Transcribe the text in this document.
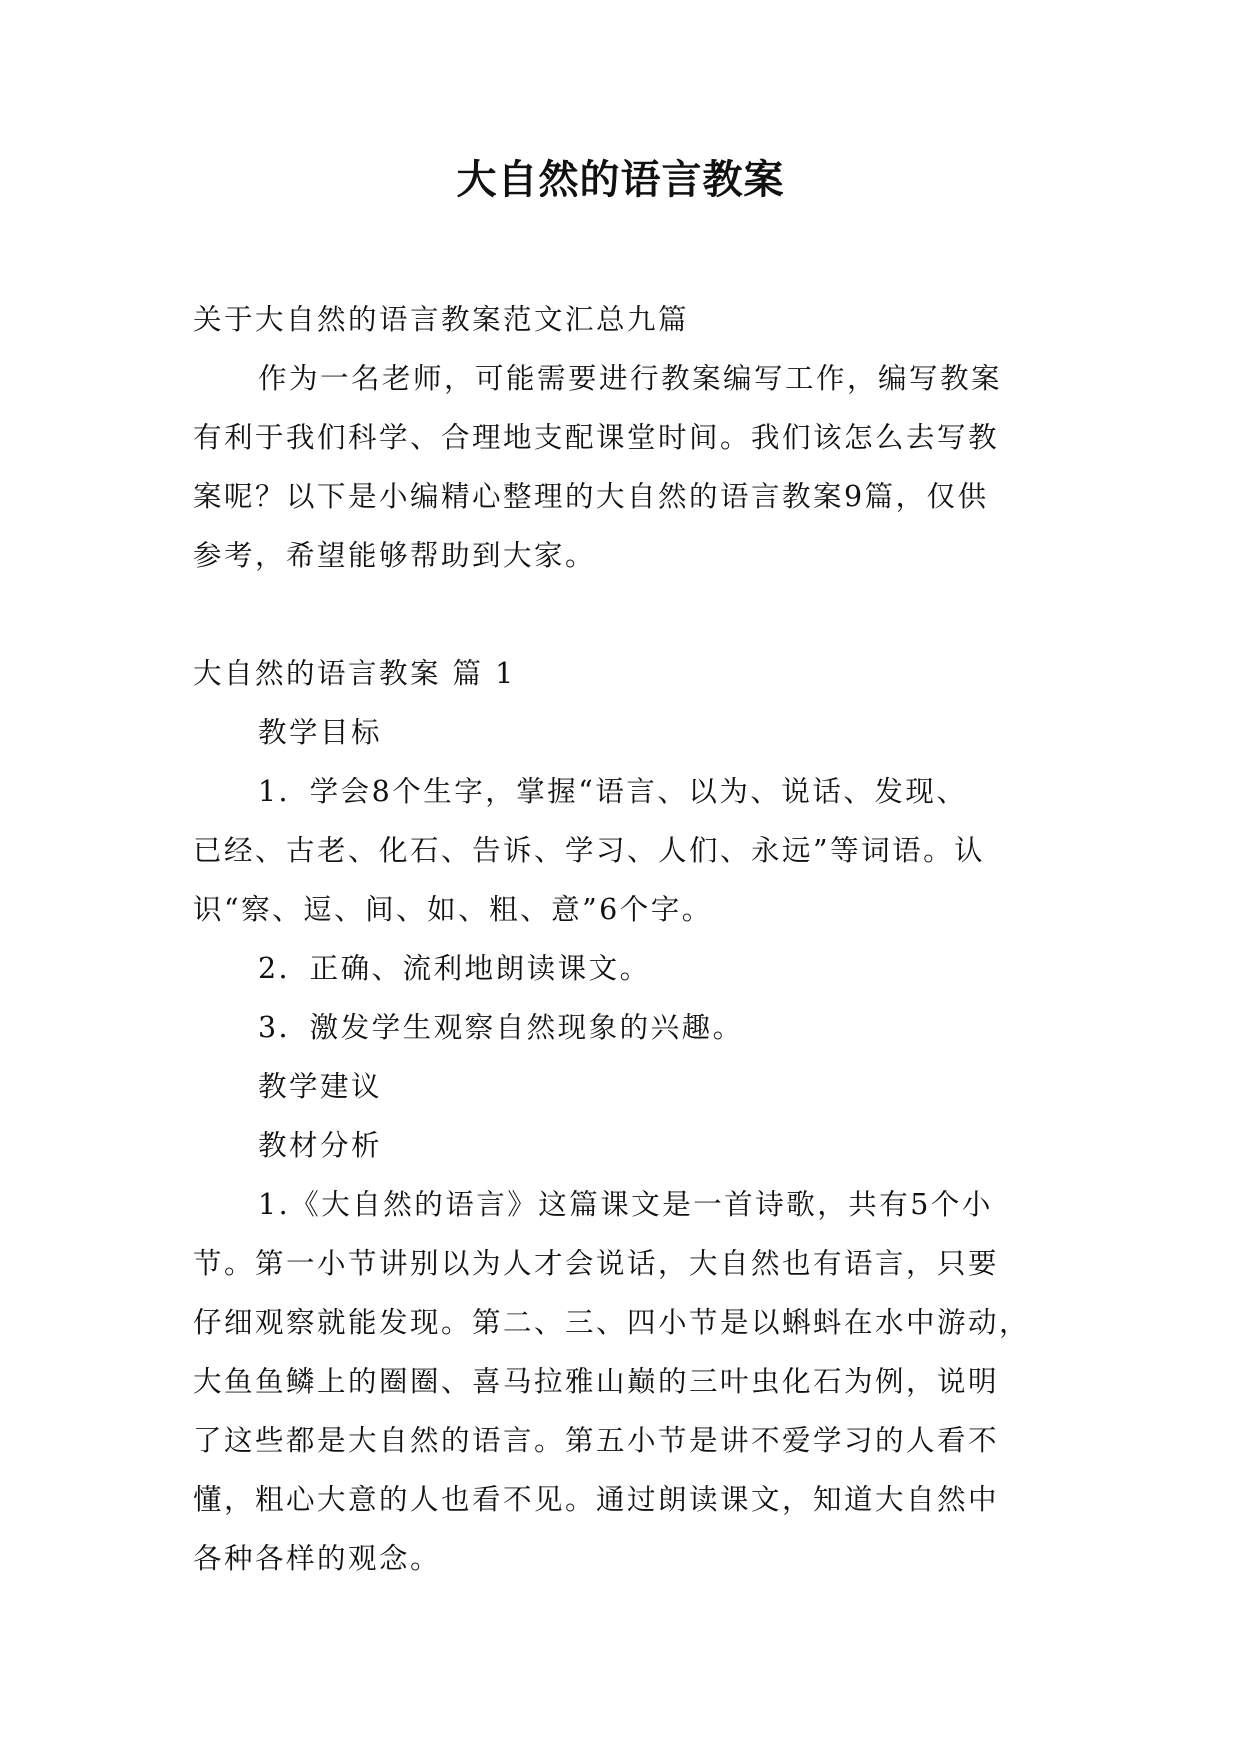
大自然的语言教案

关于大自然的语言教案范文汇总九篇

作为一名老师，可能需要进行教案编写工作，编写教案

有利于我们科学、合理地支配课堂时间。我们该怎么去写教

案呢？以下是小编精心整理的大自然的语言教案9篇，仅供

参考，希望能够帮助到大家。

大自然的语言教案 篇 1

教学目标

1．学会8个生字，掌握“语言、以为、说话、发现、

已经、古老、化石、告诉、学习、人们、永远”等词语。认

识“察、逗、间、如、粗、意”6个字。

2．正确、流利地朗读课文。

3．激发学生观察自然现象的兴趣。

教学建议

教材分析

1.《大自然的语言》这篇课文是一首诗歌，共有5个小

节。第一小节讲别以为人才会说话，大自然也有语言，只要

仔细观察就能发现。第二、三、四小节是以蝌蚪在水中游动，

大鱼鱼鳞上的圈圈、喜马拉雅山巅的三叶虫化石为例，说明

了这些都是大自然的语言。第五小节是讲不爱学习的人看不

懂，粗心大意的人也看不见。通过朗读课文，知道大自然中

各种各样的观念。
